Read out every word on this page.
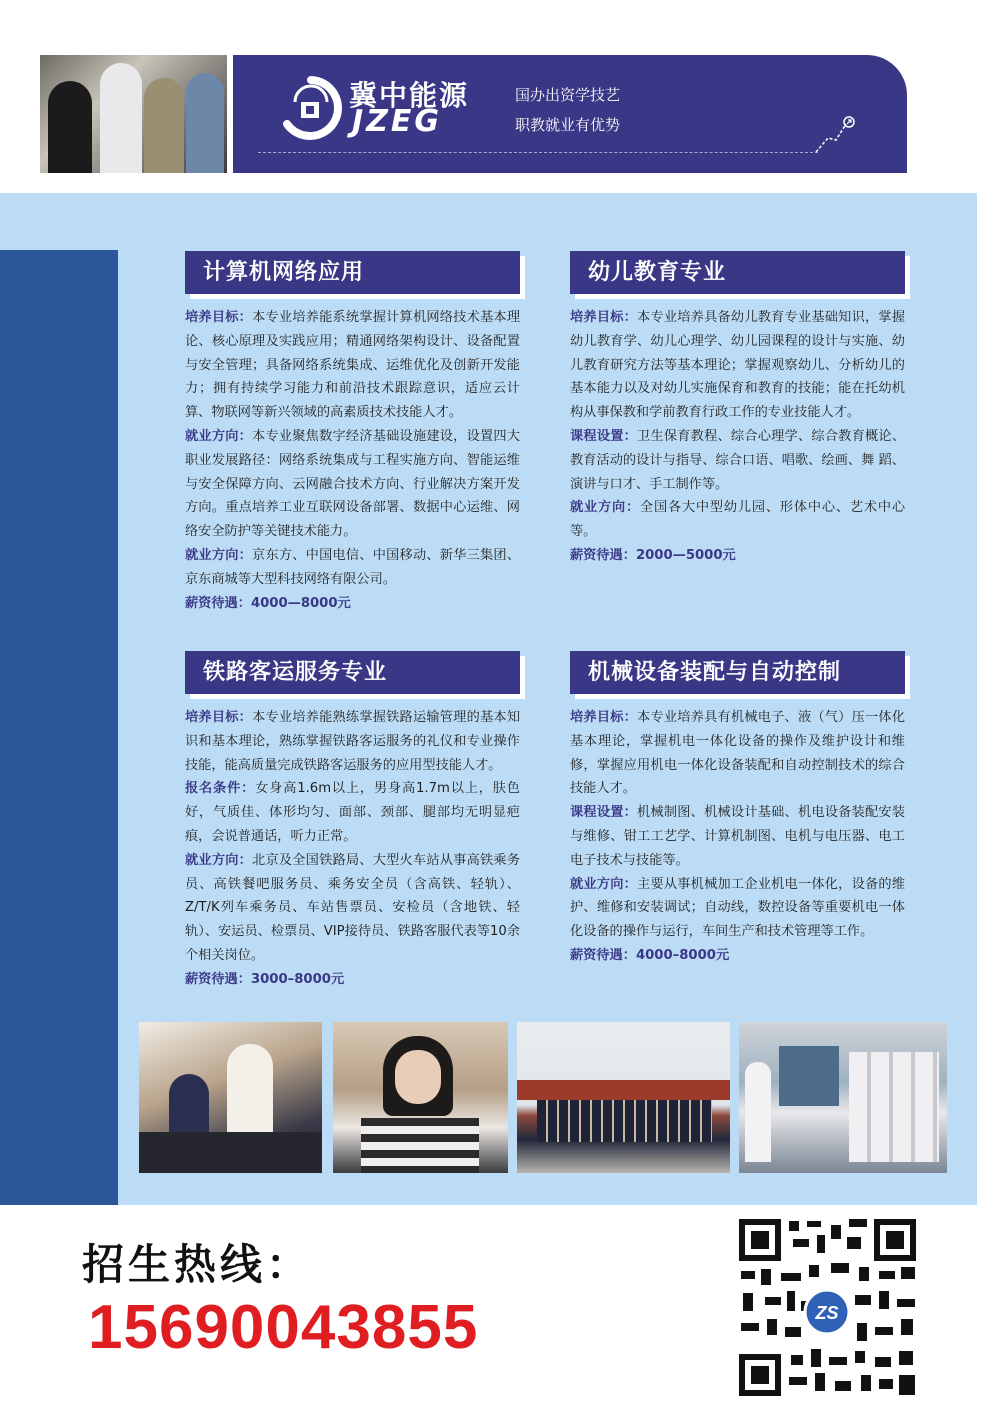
冀中能源
JZEG
国办出资学技艺
职教就业有优势
计算机网络应用

培养目标：本专业培养能系统掌握计算机网络技术基本理论、核心原理及实践应用；精通网络架构设计、设备配置与安全管理；具备网络系统集成、运维优化及创新开发能力；拥有持续学习能力和前沿技术跟踪意识，适应云计算、物联网等新兴领域的高素质技术技能人才。

就业方向：本专业聚焦数字经济基础设施建设，设置四大职业发展路径：网络系统集成与工程实施方向、智能运维与安全保障方向、云网融合技术方向、行业解决方案开发方向。重点培养工业互联网设备部署、数据中心运维、网络安全防护等关键技术能力。

就业方向：京东方、中国电信、中国移动、新华三集团、京东商城等大型科技网络有限公司。

薪资待遇：4000—8000元

幼儿教育专业

培养目标：本专业培养具备幼儿教育专业基础知识，掌握幼儿教育学、幼儿心理学、幼儿园课程的设计与实施、幼儿教育研究方法等基本理论；掌握观察幼儿、分析幼儿的基本能力以及对幼儿实施保育和教育的技能；能在托幼机构从事保教和学前教育行政工作的专业技能人才。

课程设置：卫生保育教程、综合心理学、综合教育概论、教育活动的设计与指导、综合口语、唱歌、绘画、舞 蹈、演讲与口才、手工制作等。

就业方向：全国各大中型幼儿园、形体中心、艺术中心等。

薪资待遇：2000—5000元

铁路客运服务专业

培养目标：本专业培养能熟练掌握铁路运输管理的基本知识和基本理论，熟练掌握铁路客运服务的礼仪和专业操作技能，能高质量完成铁路客运服务的应用型技能人才。

报名条件：女身高1.6m以上，男身高1.7m以上，肤色好，气质佳、体形均匀、面部、颈部、腿部均无明显疤痕，会说普通话，听力正常。

就业方向：北京及全国铁路局、大型火车站从事高铁乘务员、高铁餐吧服务员、乘务安全员（含高铁、轻轨）、Z/T/K列车乘务员、车站售票员、安检员（含地铁、轻轨）、安运员、检票员、VIP接待员、铁路客服代表等10余个相关岗位。

薪资待遇：3000–8000元

机械设备装配与自动控制

培养目标：本专业培养具有机械电子、液（气）压一体化基本理论，掌握机电一体化设备的操作及维护设计和维修，掌握应用机电一体化设备装配和自动控制技术的综合技能人才。

课程设置：机械制图、机械设计基础、机电设备装配安装与维修、钳工工艺学、计算机制图、电机与电压器、电工电子技术与技能等。

就业方向：主要从事机械加工企业机电一体化，设备的维护、维修和安装调试；自动线，数控设备等重要机电一体化设备的操作与运行，车间生产和技术管理等工作。

薪资待遇：4000–8000元

招生热线：
15690043855	ZS
